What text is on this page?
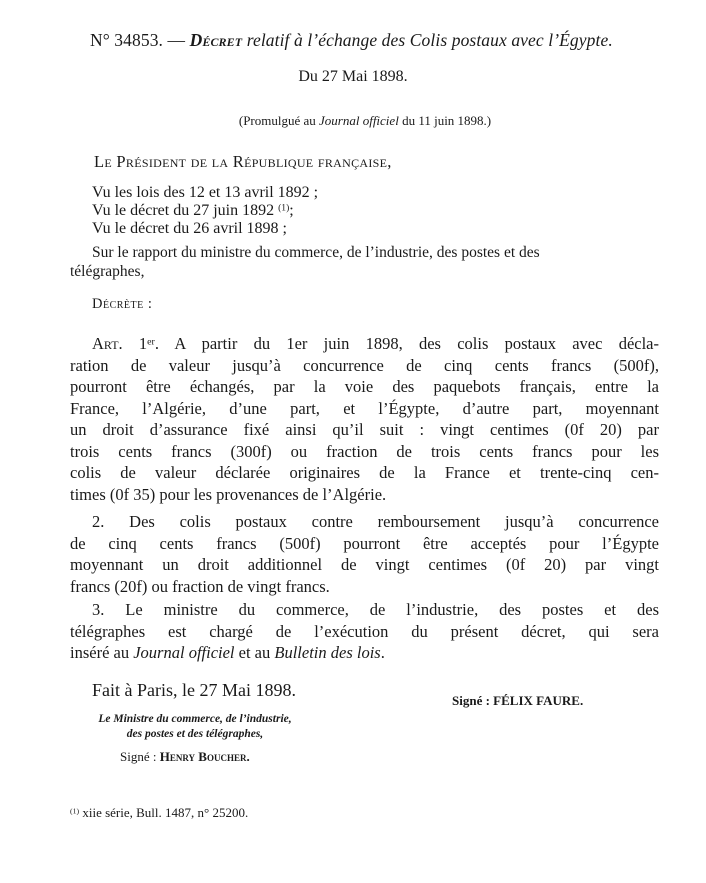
N° 34853. — Décret relatif à l’échange des Colis postaux avec l’Égypte.
Du 27 Mai 1898.
(Promulgué au Journal officiel du 11 juin 1898.)
Le Président de la République française,
Vu les lois des 12 et 13 avril 1892 ;
Vu le décret du 27 juin 1892 $^{(1)}$;
Vu le décret du 26 avril 1898 ;
Sur le rapport du ministre du commerce, de l’industrie, des postes et des
télégraphes,
Décrète :
Art. 1er. A partir du 1er juin 1898, des colis postaux avec décla-
ration de valeur jusqu’à concurrence de cinq cents francs (500f),
pourront être échangés, par la voie des paquebots français, entre la
France, l’Algérie, d’une part, et l’Égypte, d’autre part, moyennant
un droit d’assurance fixé ainsi qu’il suit : vingt centimes (0f 20) par
trois cents francs (300f) ou fraction de trois cents francs pour les
colis de valeur déclarée originaires de la France et trente-cinq cen-
times (0f 35) pour les provenances de l’Algérie.
2. Des colis postaux contre remboursement jusqu’à concurrence
de cinq cents francs (500f) pourront être acceptés pour l’Égypte
moyennant un droit additionnel de vingt centimes (0f 20) par vingt
francs (20f) ou fraction de vingt francs.
3. Le ministre du commerce, de l’industrie, des postes et des
télégraphes est chargé de l’exécution du présent décret, qui sera
inséré au Journal officiel et au Bulletin des lois.
Fait à Paris, le 27 Mai 1898.
Signé : FÉLIX FAURE.
Le Ministre du commerce, de l’industrie,
des postes et des télégraphes,
Signé : Henry Boucher.
$^{(1)}$ xiie série, Bull. 1487, n° 25200.
